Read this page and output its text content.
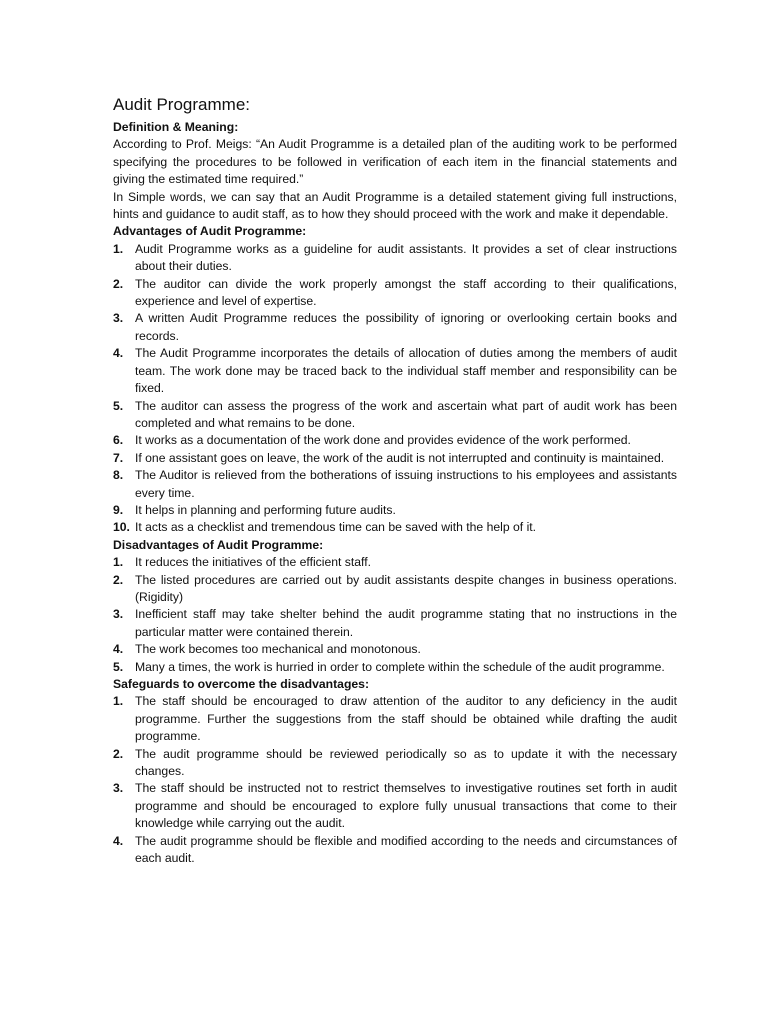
Audit Programme:
Definition & Meaning:

According to Prof. Meigs: “An Audit Programme is a detailed plan of the auditing work to be performed specifying the procedures to be followed in verification of each item in the financial statements and giving the estimated time required.”

In Simple words, we can say that an Audit Programme is a detailed statement giving full instructions, hints and guidance to audit staff, as to how they should proceed with the work and make it dependable.

Advantages of Audit Programme:
1. Audit Programme works as a guideline for audit assistants. It provides a set of clear instructions about their duties.
2. The auditor can divide the work properly amongst the staff according to their qualifications, experience and level of expertise.
3. A written Audit Programme reduces the possibility of ignoring or overlooking certain books and records.
4. The Audit Programme incorporates the details of allocation of duties among the members of audit team. The work done may be traced back to the individual staff member and responsibility can be fixed.
5. The auditor can assess the progress of the work and ascertain what part of audit work has been completed and what remains to be done.
6. It works as a documentation of the work done and provides evidence of the work performed.
7. If one assistant goes on leave, the work of the audit is not interrupted and continuity is maintained.
8. The Auditor is relieved from the botherations of issuing instructions to his employees and assistants every time.
9. It helps in planning and performing future audits.
10. It acts as a checklist and tremendous time can be saved with the help of it.
Disadvantages of Audit Programme:
1. It reduces the initiatives of the efficient staff.
2. The listed procedures are carried out by audit assistants despite changes in business operations. (Rigidity)
3. Inefficient staff may take shelter behind the audit programme stating that no instructions in the particular matter were contained therein.
4. The work becomes too mechanical and monotonous.
5. Many a times, the work is hurried in order to complete within the schedule of the audit programme.
Safeguards to overcome the disadvantages:
1. The staff should be encouraged to draw attention of the auditor to any deficiency in the audit programme. Further the suggestions from the staff should be obtained while drafting the audit programme.
2. The audit programme should be reviewed periodically so as to update it with the necessary changes.
3. The staff should be instructed not to restrict themselves to investigative routines set forth in audit programme and should be encouraged to explore fully unusual transactions that come to their knowledge while carrying out the audit.
4. The audit programme should be flexible and modified according to the needs and circumstances of each audit.
